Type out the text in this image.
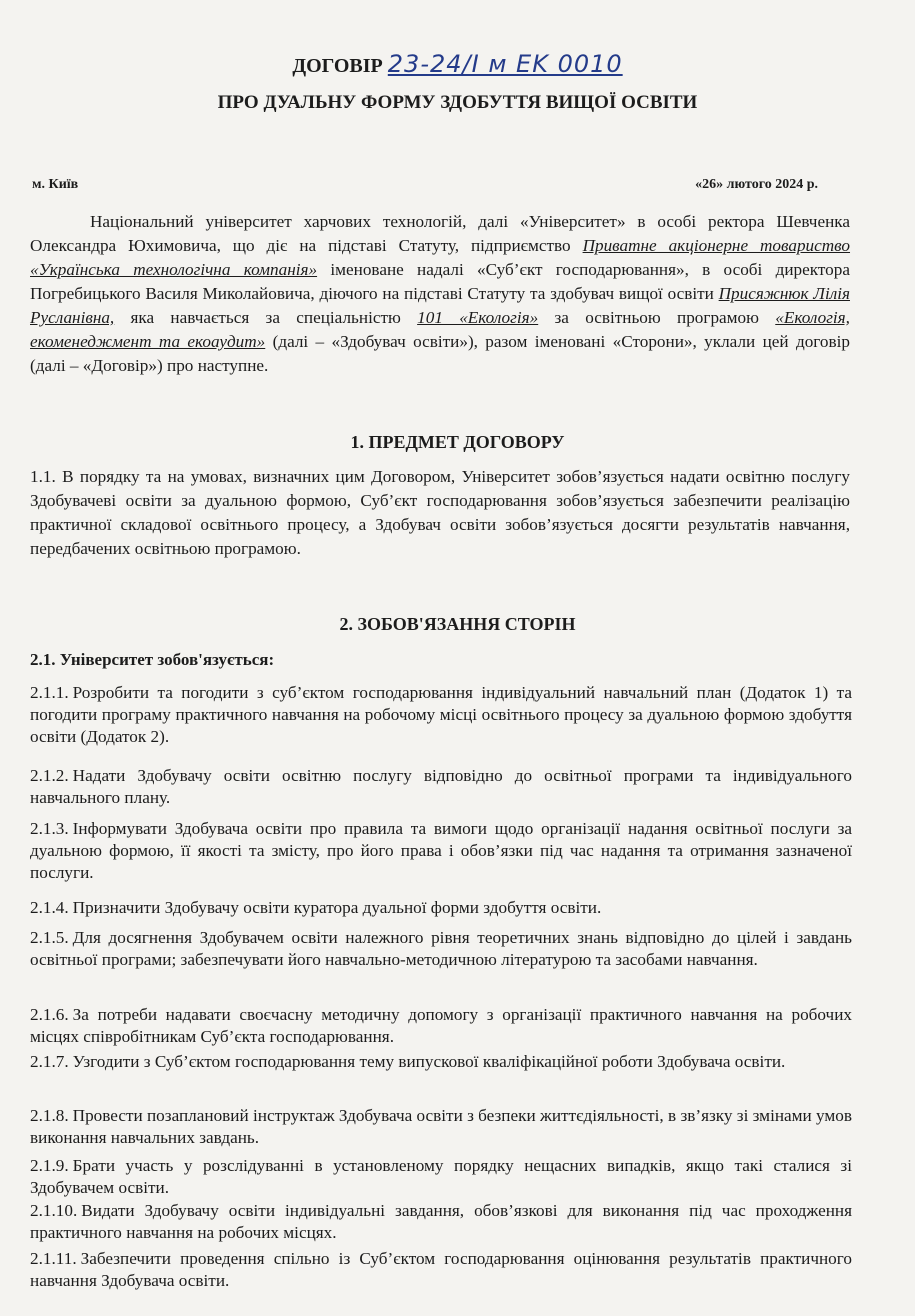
ДОГОВІР 23-24/I м EK 0010
ПРО ДУАЛЬНУ ФОРМУ ЗДОБУТТЯ ВИЩОЇ ОСВІТИ
м. Київ	«26» лютого 2024 р.
Національний університет харчових технологій, далі «Університет» в особі ректора Шевченка Олександра Юхимовича, що діє на підставі Статуту, підприємство Приватне акціонерне товариство «Українська технологічна компанія» іменоване надалі «Суб’єкт господарювання», в особі директора Погребицького Василя Миколайовича, діючого на підставі Статуту та здобувач вищої освіти Присяжнюк Лілія Русланівна, яка навчається за спеціальністю 101 «Екологія» за освітньою програмою «Екологія, екоменеджмент та екоаудит» (далі – «Здобувач освіти»), разом іменовані «Сторони», уклали цей договір (далі – «Договір») про наступне.
1. ПРЕДМЕТ ДОГОВОРУ
1.1. В порядку та на умовах, визначних цим Договором, Університет зобов’язується надати освітню послугу Здобувачеві освіти за дуальною формою, Суб’єкт господарювання зобов’язується забезпечити реалізацію практичної складової освітнього процесу, а Здобувач освіти зобов’язується досягти результатів навчання, передбачених освітньою програмою.
2. ЗОБОВ'ЯЗАННЯ СТОРІН
2.1. Університет зобов'язується:
2.1.1. Розробити та погодити з суб’єктом господарювання індивідуальний навчальний план (Додаток 1) та погодити програму практичного навчання на робочому місці освітнього процесу за дуальною формою здобуття освіти (Додаток 2).
2.1.2. Надати Здобувачу освіти освітню послугу відповідно до освітньої програми та індивідуального навчального плану.
2.1.3. Інформувати Здобувача освіти про правила та вимоги щодо організації надання освітньої послуги за дуальною формою, її якості та змісту, про його права і обов’язки під час надання та отримання зазначеної послуги.
2.1.4. Призначити Здобувачу освіти куратора дуальної форми здобуття освіти.
2.1.5. Для досягнення Здобувачем освіти належного рівня теоретичних знань відповідно до цілей і завдань освітньої програми; забезпечувати його навчально-методичною літературою та засобами навчання.
2.1.6. За потреби надавати своєчасну методичну допомогу з організації практичного навчання на робочих місцях співробітникам Суб’єкта господарювання.
2.1.7. Узгодити з Суб’єктом господарювання тему випускової кваліфікаційної роботи Здобувача освіти.
2.1.8. Провести позаплановий інструктаж Здобувача освіти з безпеки життєдіяльності, в зв’язку зі змінами умов виконання навчальних завдань.
2.1.9. Брати участь у розслідуванні в установленому порядку нещасних випадків, якщо такі сталися зі Здобувачем освіти.
2.1.10. Видати Здобувачу освіти індивідуальні завдання, обов’язкові для виконання під час проходження практичного навчання на робочих місцях.
2.1.11. Забезпечити проведення спільно із Суб’єктом господарювання оцінювання результатів практичного навчання Здобувача освіти.
